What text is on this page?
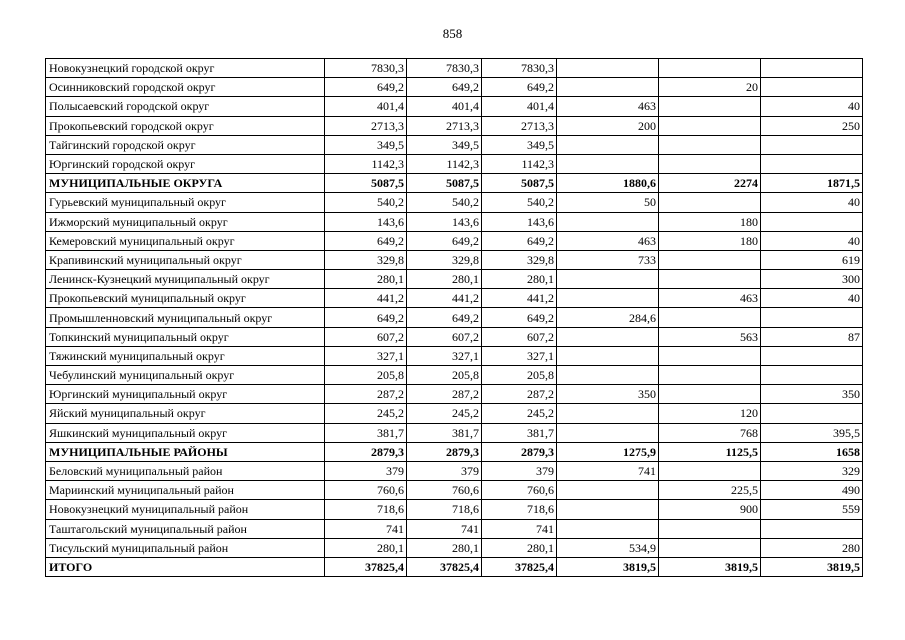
858
Новокузнецкий городской округ	7830,3	7830,3	7830,3			
Осинниковский городской округ	649,2	649,2	649,2		20	
Полысаевский городской округ	401,4	401,4	401,4	463		40
Прокопьевский городской округ	2713,3	2713,3	2713,3	200		250
Тайгинский городской округ	349,5	349,5	349,5			
Юргинский городской округ	1142,3	1142,3	1142,3			
МУНИЦИПАЛЬНЫЕ ОКРУГА	5087,5	5087,5	5087,5	1880,6	2274	1871,5
Гурьевский муниципальный округ	540,2	540,2	540,2	50		40
Ижморский муниципальный округ	143,6	143,6	143,6		180	
Кемеровский муниципальный округ	649,2	649,2	649,2	463	180	40
Крапивинский муниципальный округ	329,8	329,8	329,8	733		619
Ленинск-Кузнецкий муниципальный округ	280,1	280,1	280,1			300
Прокопьевский муниципальный округ	441,2	441,2	441,2		463	40
Промышленновский муниципальный округ	649,2	649,2	649,2	284,6		
Топкинский муниципальный округ	607,2	607,2	607,2		563	87
Тяжинский муниципальный округ	327,1	327,1	327,1			
Чебулинский муниципальный округ	205,8	205,8	205,8			
Юргинский муниципальный округ	287,2	287,2	287,2	350		350
Яйский муниципальный округ	245,2	245,2	245,2		120	
Яшкинский муниципальный округ	381,7	381,7	381,7		768	395,5
МУНИЦИПАЛЬНЫЕ РАЙОНЫ	2879,3	2879,3	2879,3	1275,9	1125,5	1658
Беловский муниципальный район	379	379	379	741		329
Мариинский муниципальный район	760,6	760,6	760,6		225,5	490
Новокузнецкий муниципальный район	718,6	718,6	718,6		900	559
Таштагольский муниципальный район	741	741	741			
Тисульский муниципальный район	280,1	280,1	280,1	534,9		280
ИТОГО	37825,4	37825,4	37825,4	3819,5	3819,5	3819,5
